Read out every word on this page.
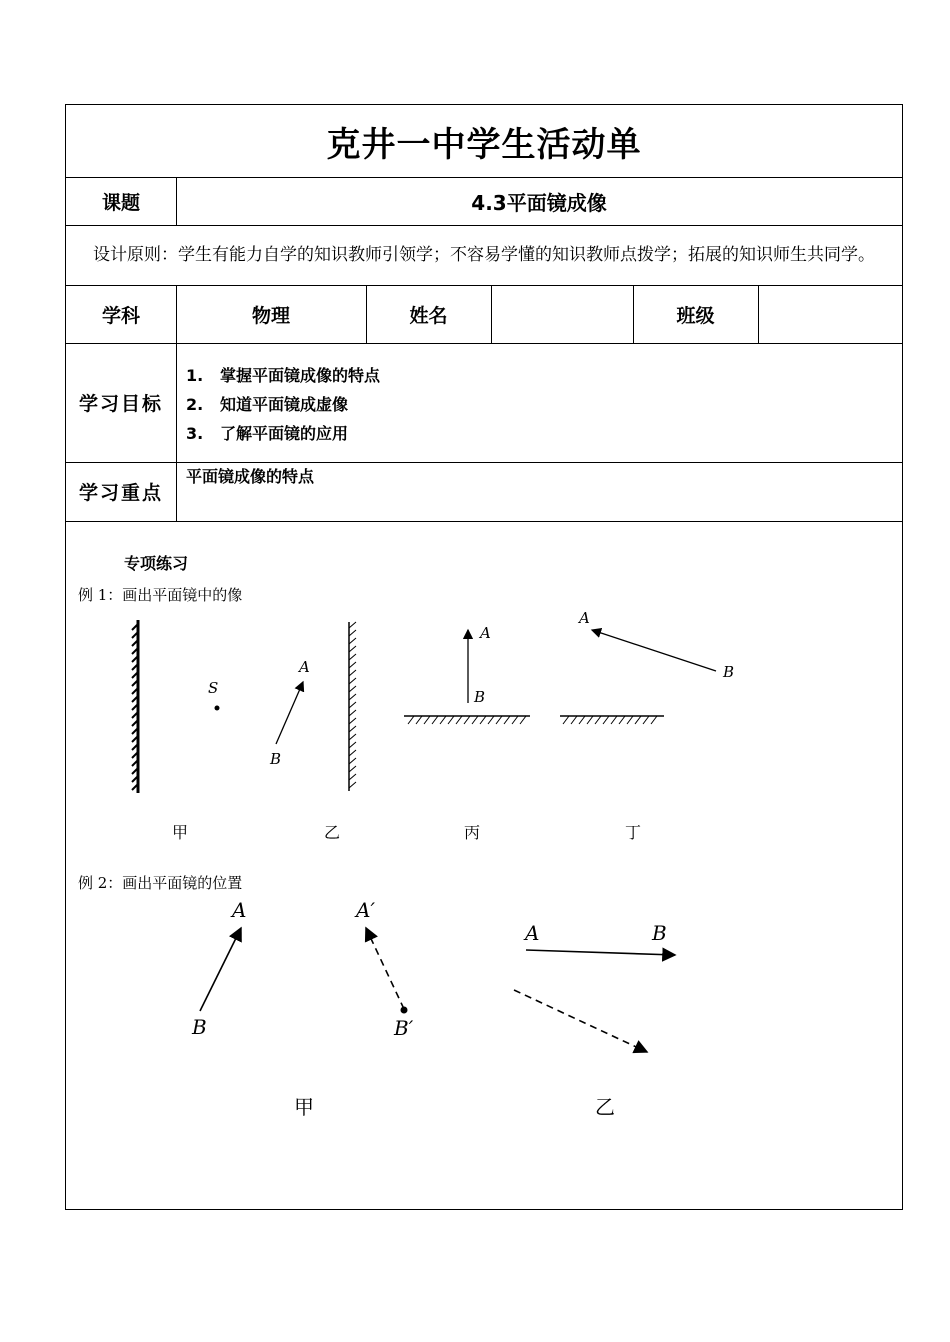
克井一中学生活动单
课题	4.3平面镜成像
设计原则：学生有能力自学的知识教师引领学；不容易学懂的知识教师点拨学；拓展的知识师生共同学。
学科	物理	姓名	班级
学习目标
1. 掌握平面镜成像的特点
2. 知道平面镜成虚像
3. 了解平面镜的应用
学习重点
平面镜成像的特点
专项练习
例 1：画出平面镜中的像
例 2：画出平面镜的位置
S
A
B
A
B
A
B
甲	乙	丙	丁
A
B
A′
B′
A	B
甲	乙
